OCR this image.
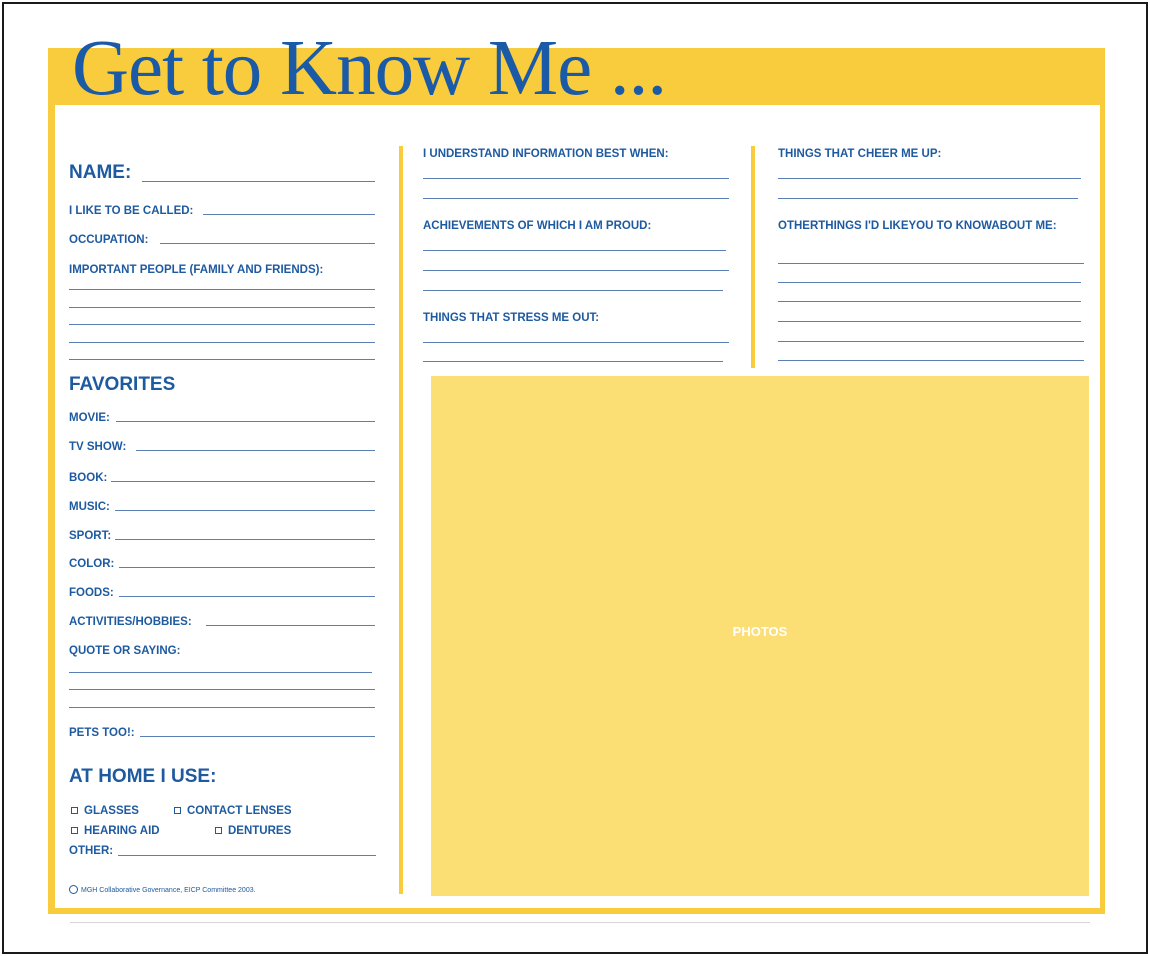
Get to Know Me ...
NAME:
I LIKE TO BE CALLED:
OCCUPATION:
IMPORTANT PEOPLE (FAMILY AND FRIENDS):
FAVORITES
MOVIE:
TV SHOW:
BOOK:
MUSIC:
SPORT:
COLOR:
FOODS:
ACTIVITIES/HOBBIES:
QUOTE OR SAYING:
PETS TOO!:
AT HOME I USE:
GLASSES	CONTACT LENSES
HEARING AID	DENTURES
OTHER:
MGH Collaborative Governance, EICP Committee 2003.
I UNDERSTAND INFORMATION BEST WHEN:
ACHIEVEMENTS OF WHICH I AM PROUD:
THINGS THAT STRESS ME OUT:
THINGS THAT CHEER ME UP:
OTHERTHINGS I'D LIKEYOU TO KNOWABOUT ME:
PHOTOS
